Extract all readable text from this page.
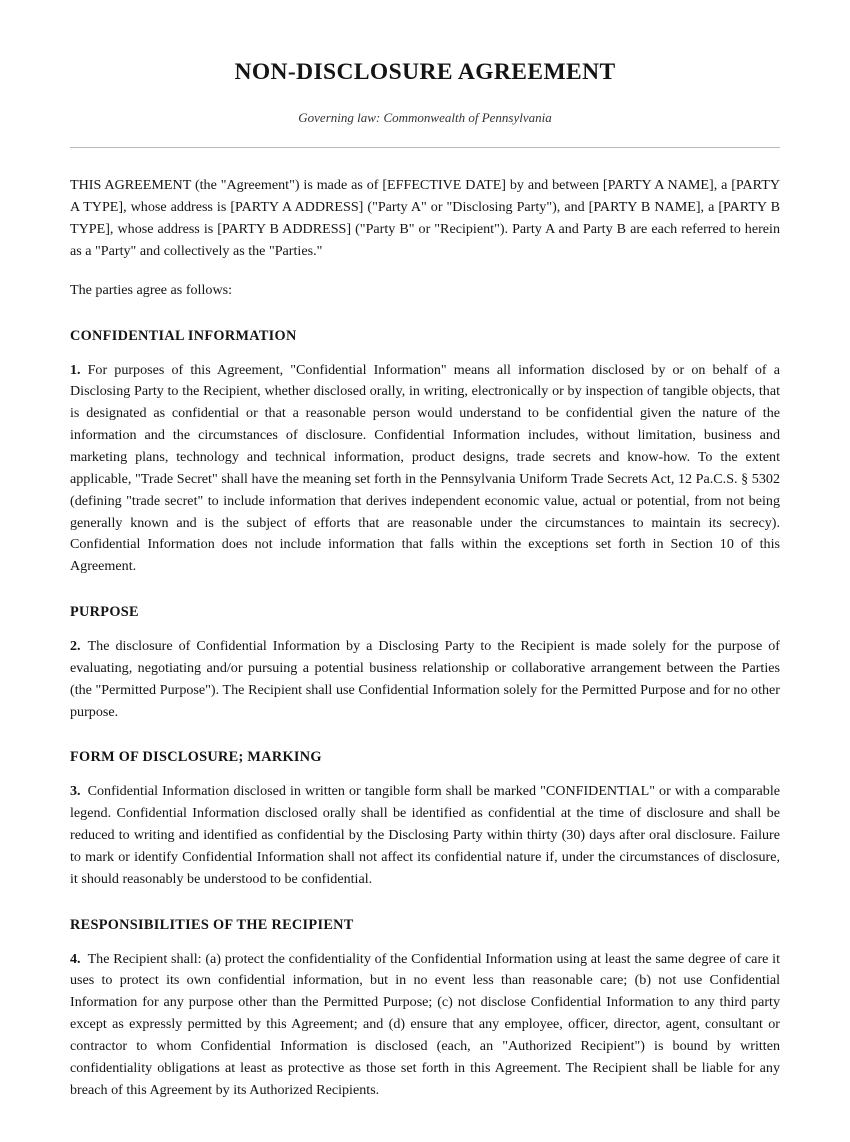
NON-DISCLOSURE AGREEMENT
Governing law: Commonwealth of Pennsylvania

THIS AGREEMENT (the "Agreement") is made as of [EFFECTIVE DATE] by and between [PARTY A NAME], a [PARTY A TYPE], whose address is [PARTY A ADDRESS] ("Party A" or "Disclosing Party"), and [PARTY B NAME], a [PARTY B TYPE], whose address is [PARTY B ADDRESS] ("Party B" or "Recipient"). Party A and Party B are each referred to herein as a "Party" and collectively as the "Parties."

The parties agree as follows:

CONFIDENTIAL INFORMATION

1. For purposes of this Agreement, "Confidential Information" means all information disclosed by or on behalf of a Disclosing Party to the Recipient, whether disclosed orally, in writing, electronically or by inspection of tangible objects, that is designated as confidential or that a reasonable person would understand to be confidential given the nature of the information and the circumstances of disclosure. Confidential Information includes, without limitation, business and marketing plans, technology and technical information, product designs, trade secrets and know-how. To the extent applicable, "Trade Secret" shall have the meaning set forth in the Pennsylvania Uniform Trade Secrets Act, 12 Pa.C.S. § 5302 (defining "trade secret" to include information that derives independent economic value, actual or potential, from not being generally known and is the subject of efforts that are reasonable under the circumstances to maintain its secrecy). Confidential Information does not include information that falls within the exceptions set forth in Section 10 of this Agreement.

PURPOSE

2. The disclosure of Confidential Information by a Disclosing Party to the Recipient is made solely for the purpose of evaluating, negotiating and/or pursuing a potential business relationship or collaborative arrangement between the Parties (the "Permitted Purpose"). The Recipient shall use Confidential Information solely for the Permitted Purpose and for no other purpose.

FORM OF DISCLOSURE; MARKING

3. Confidential Information disclosed in written or tangible form shall be marked "CONFIDENTIAL" or with a comparable legend. Confidential Information disclosed orally shall be identified as confidential at the time of disclosure and shall be reduced to writing and identified as confidential by the Disclosing Party within thirty (30) days after oral disclosure. Failure to mark or identify Confidential Information shall not affect its confidential nature if, under the circumstances of disclosure, it should reasonably be understood to be confidential.

RESPONSIBILITIES OF THE RECIPIENT

4. The Recipient shall: (a) protect the confidentiality of the Confidential Information using at least the same degree of care it uses to protect its own confidential information, but in no event less than reasonable care; (b) not use Confidential Information for any purpose other than the Permitted Purpose; (c) not disclose Confidential Information to any third party except as expressly permitted by this Agreement; and (d) ensure that any employee, officer, director, agent, consultant or contractor to whom Confidential Information is disclosed (each, an "Authorized Recipient") is bound by written confidentiality obligations at least as protective as those set forth in this Agreement. The Recipient shall be liable for any breach of this Agreement by its Authorized Recipients.
